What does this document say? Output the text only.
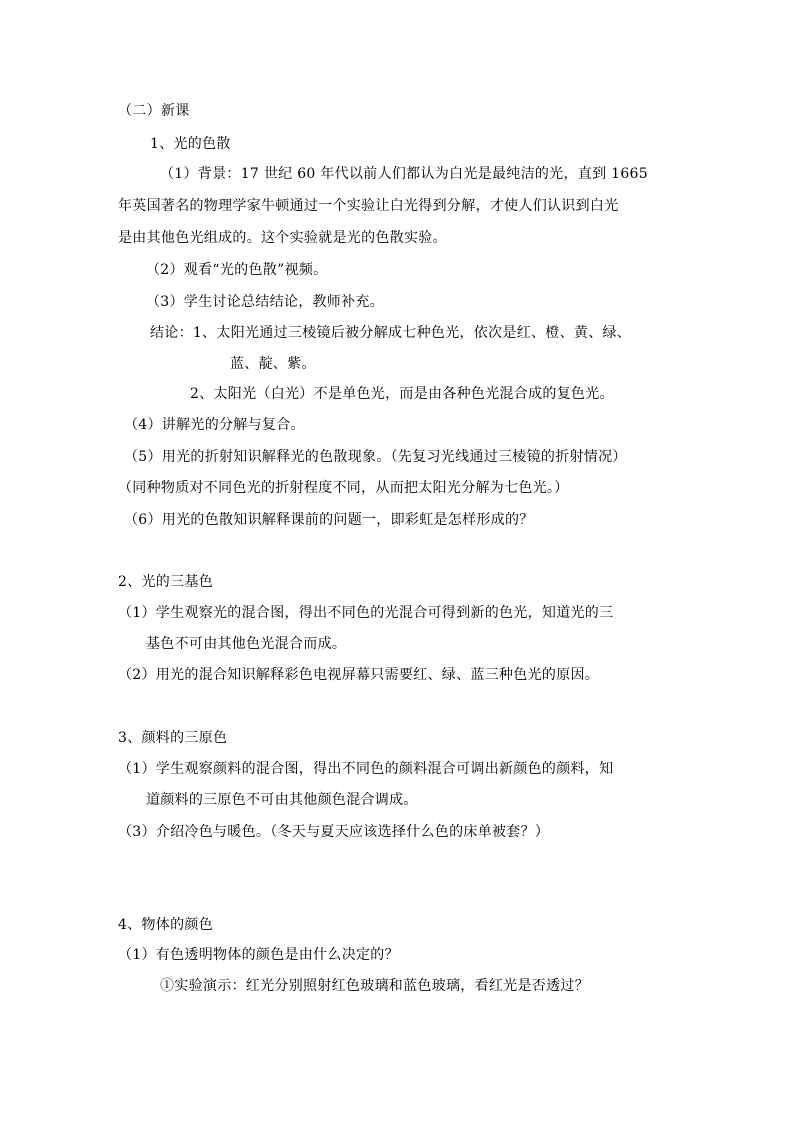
（二）新课
1、光的色散
（1）背景：17 世纪 60 年代以前人们都认为白光是最纯洁的光，直到 1665
年英国著名的物理学家牛顿通过一个实验让白光得到分解，才使人们认识到白光
是由其他色光组成的。这个实验就是光的色散实验。
（2）观看“光的色散”视频。
（3）学生讨论总结结论，教师补充。
结论：1、太阳光通过三棱镜后被分解成七种色光，依次是红、橙、黄、绿、
蓝、靛、紫。
2、太阳光（白光）不是单色光，而是由各种色光混合成的复色光。
（4）讲解光的分解与复合。
（5）用光的折射知识解释光的色散现象。（先复习光线通过三棱镜的折射情况）
（同种物质对不同色光的折射程度不同，从而把太阳光分解为七色光。）
（6）用光的色散知识解释课前的问题一，即彩虹是怎样形成的？
2、光的三基色
（1）学生观察光的混合图，得出不同色的光混合可得到新的色光，知道光的三
基色不可由其他色光混合而成。
（2）用光的混合知识解释彩色电视屏幕只需要红、绿、蓝三种色光的原因。
3、颜料的三原色
（1）学生观察颜料的混合图，得出不同色的颜料混合可调出新颜色的颜料，知
道颜料的三原色不可由其他颜色混合调成。
（3）介绍冷色与暖色。（冬天与夏天应该选择什么色的床单被套？）
4、物体的颜色
（1）有色透明物体的颜色是由什么决定的？
①实验演示：红光分别照射红色玻璃和蓝色玻璃，看红光是否透过？
